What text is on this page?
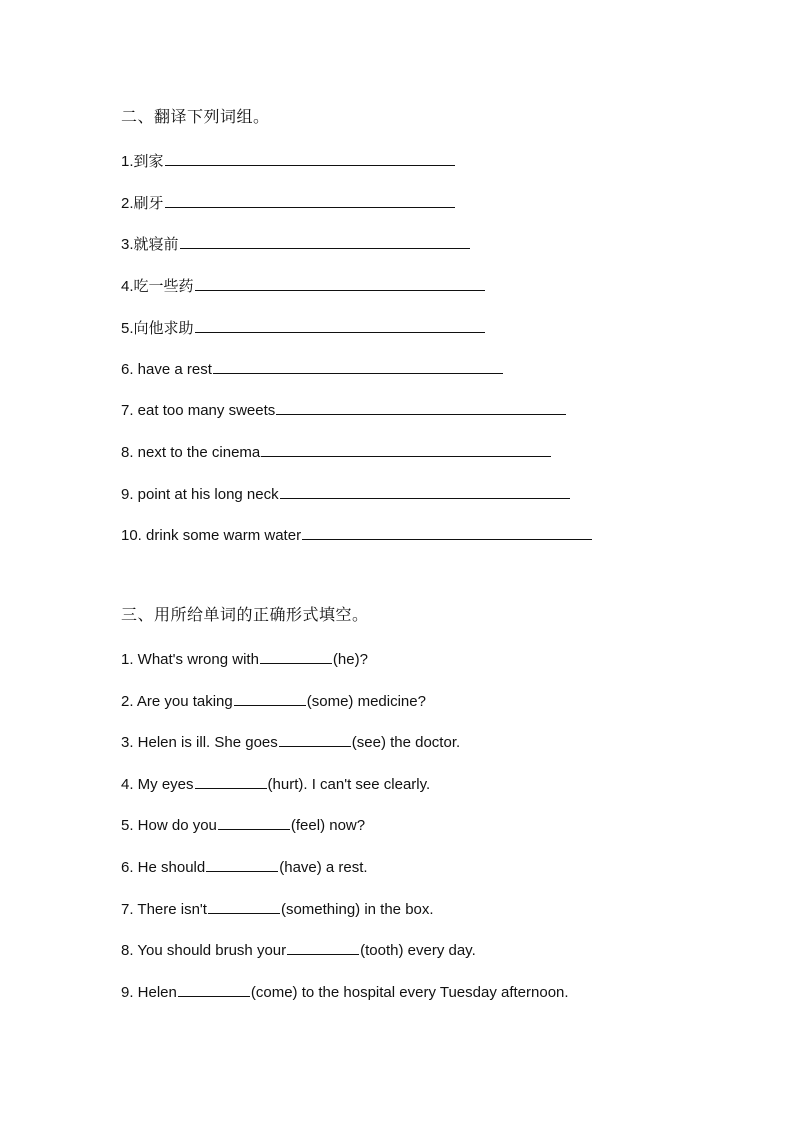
二、翻译下列词组。
1.到家
2.刷牙
3.就寝前
4.吃一些药
5.向他求助
6. have a rest
7. eat too many sweets
8. next to the cinema
9. point at his long neck
10. drink some warm water
三、用所给单词的正确形式填空。
1. What's wrong with	(he)?
2. Are you taking	(some) medicine?
3. Helen is ill. She goes	(see) the doctor.
4. My eyes	(hurt). I can't see clearly.
5. How do you	(feel) now?
6. He should	(have) a rest.
7. There isn't	(something) in the box.
8. You should brush your	(tooth) every day.
9. Helen	(come) to the hospital every Tuesday afternoon.
